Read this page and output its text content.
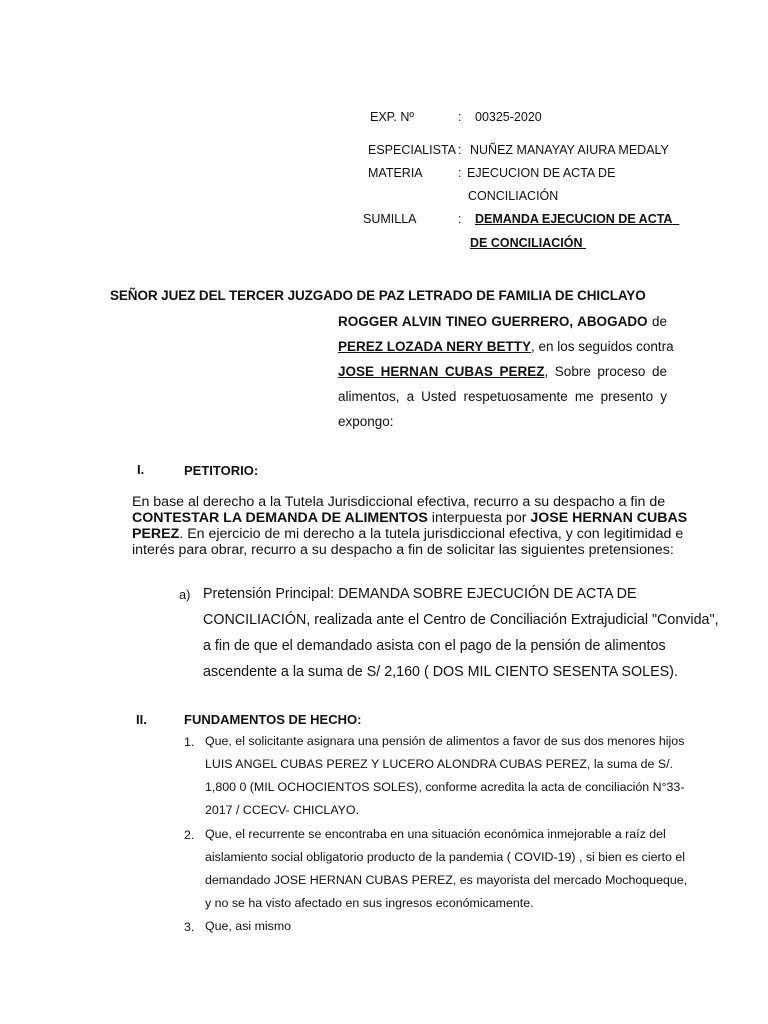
EXP. Nº	: 00325-2020
ESPECIALISTA : NUÑEZ MANAYAY AIURA MEDALY
MATERIA	: EJECUCION DE ACTA DE
CONCILIACIÓN
SUMILLA	: DEMANDA EJECUCION DE ACTA
DE CONCILIACIÓN
SEÑOR JUEZ DEL TERCER JUZGADO DE PAZ LETRADO DE FAMILIA DE CHICLAYO
ROGGER ALVIN TINEO GUERRERO, ABOGADO de
PEREZ LOZADA NERY BETTY, en los seguidos contra
JOSE HERNAN CUBAS PEREZ, Sobre proceso de
alimentos, a Usted respetuosamente me presento y
expongo:
I.	PETITORIO:
En base al derecho a la Tutela Jurisdiccional efectiva, recurro a su despacho a fin de
CONTESTAR LA DEMANDA DE ALIMENTOS interpuesta por JOSE HERNAN CUBAS
PEREZ. En ejercicio de mi derecho a la tutela jurisdiccional efectiva, y con legitimidad e
interés para obrar, recurro a su despacho a fin de solicitar las siguientes pretensiones:
a) Pretensión Principal: DEMANDA SOBRE EJECUCIÓN DE ACTA DE
CONCILIACIÓN, realizada ante el Centro de Conciliación Extrajudicial "Convida",
a fin de que el demandado asista con el pago de la pensión de alimentos
ascendente a la suma de S/ 2,160 ( DOS MIL CIENTO SESENTA SOLES).
II.	FUNDAMENTOS DE HECHO:
1. Que, el solicitante asignara una pensión de alimentos a favor de sus dos menores hijos
LUIS ANGEL CUBAS PEREZ Y LUCERO ALONDRA CUBAS PEREZ, la suma de S/.
1,800 0 (MIL OCHOCIENTOS SOLES), conforme acredita la acta de conciliación N°33-
2017 / CCECV- CHICLAYO.
2. Que, el recurrente se encontraba en una situación económica inmejorable a raíz del
aislamiento social obligatorio producto de la pandemia ( COVID-19) , si bien es cierto el
demandado JOSE HERNAN CUBAS PEREZ, es mayorista del mercado Mochoqueque,
y no se ha visto afectado en sus ingresos económicamente.
3. Que, asi mismo
